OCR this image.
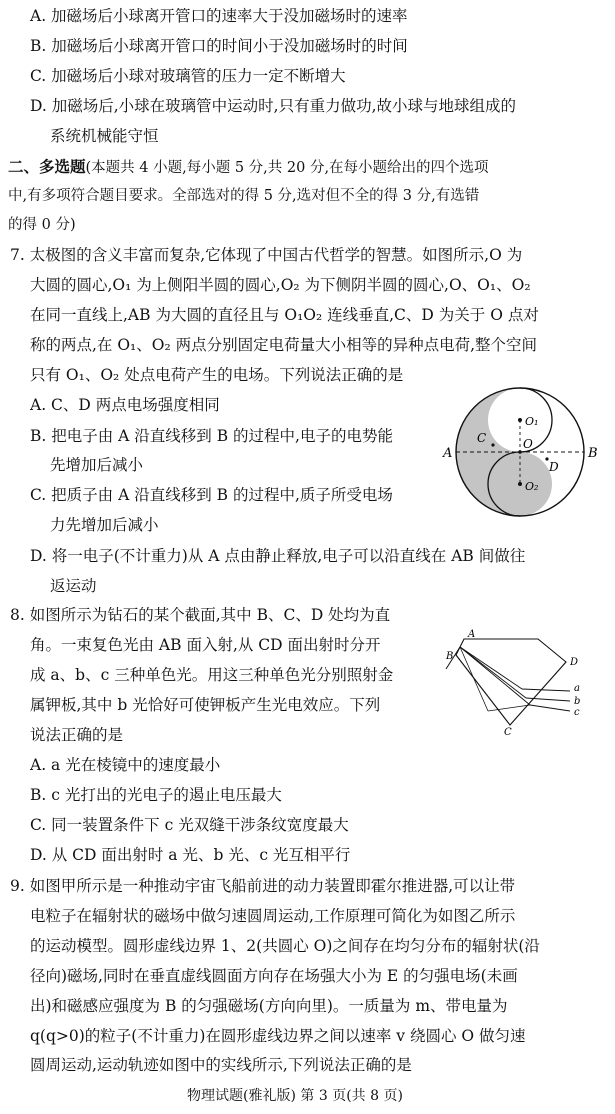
A. 加磁场后小球离开管口的速率大于没加磁场时的速率
B. 加磁场后小球离开管口的时间小于没加磁场时的时间
C. 加磁场后小球对玻璃管的压力一定不断增大
D. 加磁场后,小球在玻璃管中运动时,只有重力做功,故小球与地球组成的
系统机械能守恒
二、多选题(本题共 4 小题,每小题 5 分,共 20 分,在每小题给出的四个选项
中,有多项符合题目要求。全部选对的得 5 分,选对但不全的得 3 分,有选错
的得 0 分)
7. 太极图的含义丰富而复杂,它体现了中国古代哲学的智慧。如图所示,O 为
大圆的圆心,O₁ 为上侧阳半圆的圆心,O₂ 为下侧阴半圆的圆心,O、O₁、O₂
在同一直线上,AB 为大圆的直径且与 O₁O₂ 连线垂直,C、D 为关于 O 点对
称的两点,在 O₁、O₂ 两点分别固定电荷量大小相等的异种点电荷,整个空间
只有 O₁、O₂ 处点电荷产生的电场。下列说法正确的是
A. C、D 两点电场强度相同
B. 把电子由 A 沿直线移到 B 的过程中,电子的电势能
先增加后减小
C. 把质子由 A 沿直线移到 B 的过程中,质子所受电场
力先增加后减小
D. 将一电子(不计重力)从 A 点由静止释放,电子可以沿直线在 AB 间做往
返运动
A	B
C
D
O
O₁
O₂
8. 如图所示为钻石的某个截面,其中 B、C、D 处均为直
角。一束复色光由 AB 面入射,从 CD 面出射时分开
成 a、b、c 三种单色光。用这三种单色光分别照射金
属钾板,其中 b 光恰好可使钾板产生光电效应。下列
说法正确的是
A. a 光在棱镜中的速度最小
B. c 光打出的光电子的遏止电压最大
C. 同一装置条件下 c 光双缝干涉条纹宽度最大
D. 从 CD 面出射时 a 光、b 光、c 光互相平行
A
B
C
D
a
b
c
9. 如图甲所示是一种推动宇宙飞船前进的动力装置即霍尔推进器,可以让带
电粒子在辐射状的磁场中做匀速圆周运动,工作原理可简化为如图乙所示
的运动模型。圆形虚线边界 1、2(共圆心 O)之间存在均匀分布的辐射状(沿
径向)磁场,同时在垂直虚线圆面方向存在场强大小为 E 的匀强电场(未画
出)和磁感应强度为 B 的匀强磁场(方向向里)。一质量为 m、带电量为
q(q>0)的粒子(不计重力)在圆形虚线边界之间以速率 v 绕圆心 O 做匀速
圆周运动,运动轨迹如图中的实线所示,下列说法正确的是
物理试题(雅礼版) 第 3 页(共 8 页)
